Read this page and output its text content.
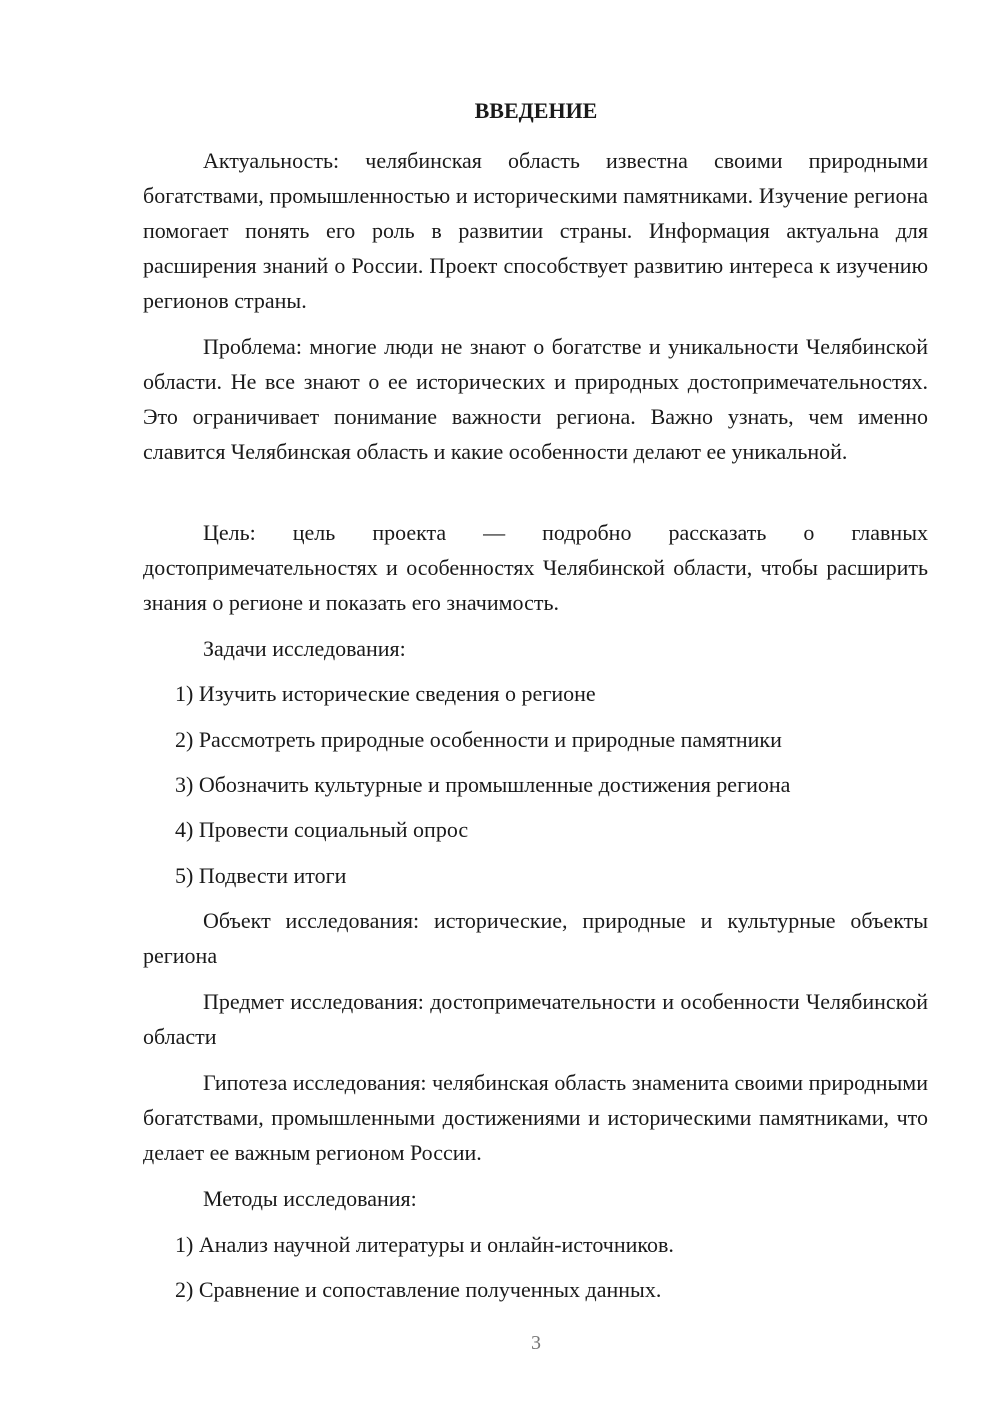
ВВЕДЕНИЕ

Актуальность: челябинская область известна своими природными богатствами, промышленностью и историческими памятниками. Изучение региона помогает понять его роль в развитии страны. Информация актуальна для расширения знаний о России. Проект способствует развитию интереса к изучению регионов страны.

Проблема: многие люди не знают о богатстве и уникальности Челябинской области. Не все знают о ее исторических и природных достопримечательностях. Это ограничивает понимание важности региона. Важно узнать, чем именно славится Челябинская область и какие особенности делают ее уникальной.

Цель: цель проекта — подробно рассказать о главных достопримечательностях и особенностях Челябинской области, чтобы расширить знания о регионе и показать его значимость.

Задачи исследования:

1) Изучить исторические сведения о регионе

2) Рассмотреть природные особенности и природные памятники

3) Обозначить культурные и промышленные достижения региона

4) Провести социальный опрос

5) Подвести итоги

Объект исследования: исторические, природные и культурные объекты региона

Предмет исследования: достопримечательности и особенности Челябинской области

Гипотеза исследования: челябинская область знаменита своими природными богатствами, промышленными достижениями и историческими памятниками, что делает ее важным регионом России.

Методы исследования:

1) Анализ научной литературы и онлайн-источников.

2) Сравнение и сопоставление полученных данных.

3
